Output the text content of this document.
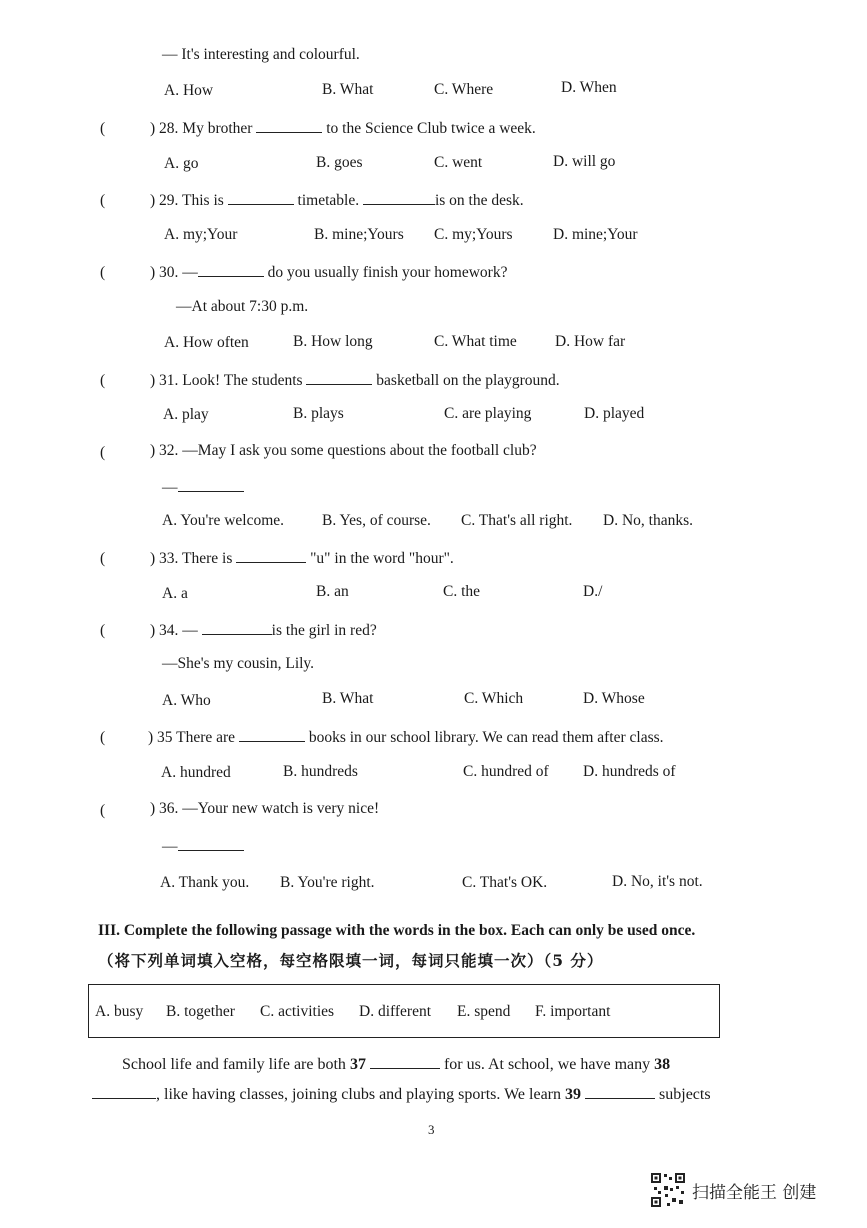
— It's interesting and colourful.
A. How	B. What	C. Where	D. When
(	) 28. My brother	to the Science Club twice a week.
A. go	B. goes	C. went	D. will go
(	) 29. This is	timetable.	is on the desk.
A. my;Your	B. mine;Yours C. my;Yours	D. mine;Your
(	) 30. —	do you usually finish your homework?
—At about 7:30 p.m.
A. How often	B. How long	C. What time D. How far
(	) 31. Look! The students	basketball on the playground.
A. play	B. plays	C. are playing	D. played
(	) 32. —May I ask you some questions about the football club?
—
A. You're welcome. B. Yes, of course. C. That's all right. D. No, thanks.
(	) 33. There is	"u" in the word "hour".
A. a	B. an	C. the	D./
(	) 34. —	is the girl in red?
—She's my cousin, Lily.
A. Who	B. What	C. Which	D. Whose
(	) 35 There are	books in our school library. We can read them after class.
A. hundred	B. hundreds	C. hundred of D. hundreds of
(	) 36. —Your new watch is very nice!
—
A. Thank you. B. You're right.	C. That's OK.	D. No, it's not.
III. Complete the following passage with the words in the box. Each can only be used once.
（将下列单词填入空格，每空格限填一词，每词只能填一次）（5 分）
A. busy B. together C. activities D. different E. spend F. important
School life and family life are both 37	for us. At school, we have many 38
, like having classes, joining clubs and playing sports. We learn 39	subjects
3
扫描全能王 创建
